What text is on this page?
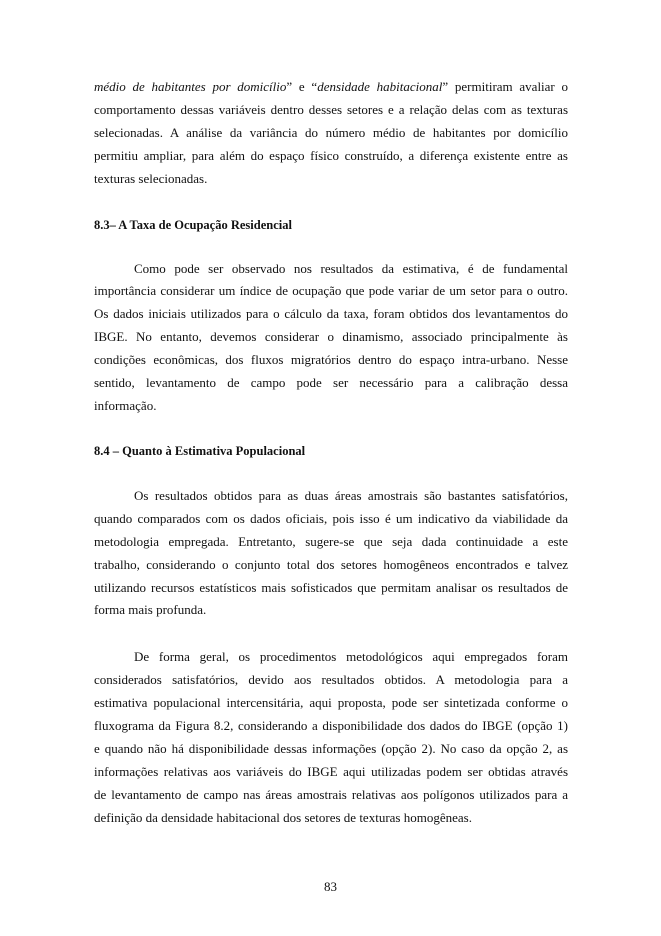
médio de habitantes por domicílio” e “densidade habitacional” permitiram avaliar o
comportamento dessas variáveis dentro desses setores e a relação delas com as texturas
selecionadas. A análise da variância do número médio de habitantes por domicílio
permitiu ampliar, para além do espaço físico construído, a diferença existente entre as
texturas selecionadas.

8.3– A Taxa de Ocupação Residencial

Como pode ser observado nos resultados da estimativa, é de fundamental
importância considerar um índice de ocupação que pode variar de um setor para o outro.
Os dados iniciais utilizados para o cálculo da taxa, foram obtidos dos levantamentos do
IBGE. No entanto, devemos considerar o dinamismo, associado principalmente às
condições econômicas, dos fluxos migratórios dentro do espaço intra-urbano. Nesse
sentido, levantamento de campo pode ser necessário para a calibração dessa
informação.

8.4 – Quanto à Estimativa Populacional

Os resultados obtidos para as duas áreas amostrais são bastantes satisfatórios,
quando comparados com os dados oficiais, pois isso é um indicativo da viabilidade da
metodologia empregada. Entretanto, sugere-se que seja dada continuidade a este
trabalho, considerando o conjunto total dos setores homogêneos encontrados e talvez
utilizando recursos estatísticos mais sofisticados que permitam analisar os resultados de
forma mais profunda.

De forma geral, os procedimentos metodológicos aqui empregados foram
considerados satisfatórios, devido aos resultados obtidos. A metodologia para a
estimativa populacional intercensitária, aqui proposta, pode ser sintetizada conforme o
fluxograma da Figura 8.2, considerando a disponibilidade dos dados do IBGE (opção 1)
e quando não há disponibilidade dessas informações (opção 2). No caso da opção 2, as
informações relativas aos variáveis do IBGE aqui utilizadas podem ser obtidas através
de levantamento de campo nas áreas amostrais relativas aos polígonos utilizados para a
definição da densidade habitacional dos setores de texturas homogêneas.

83
